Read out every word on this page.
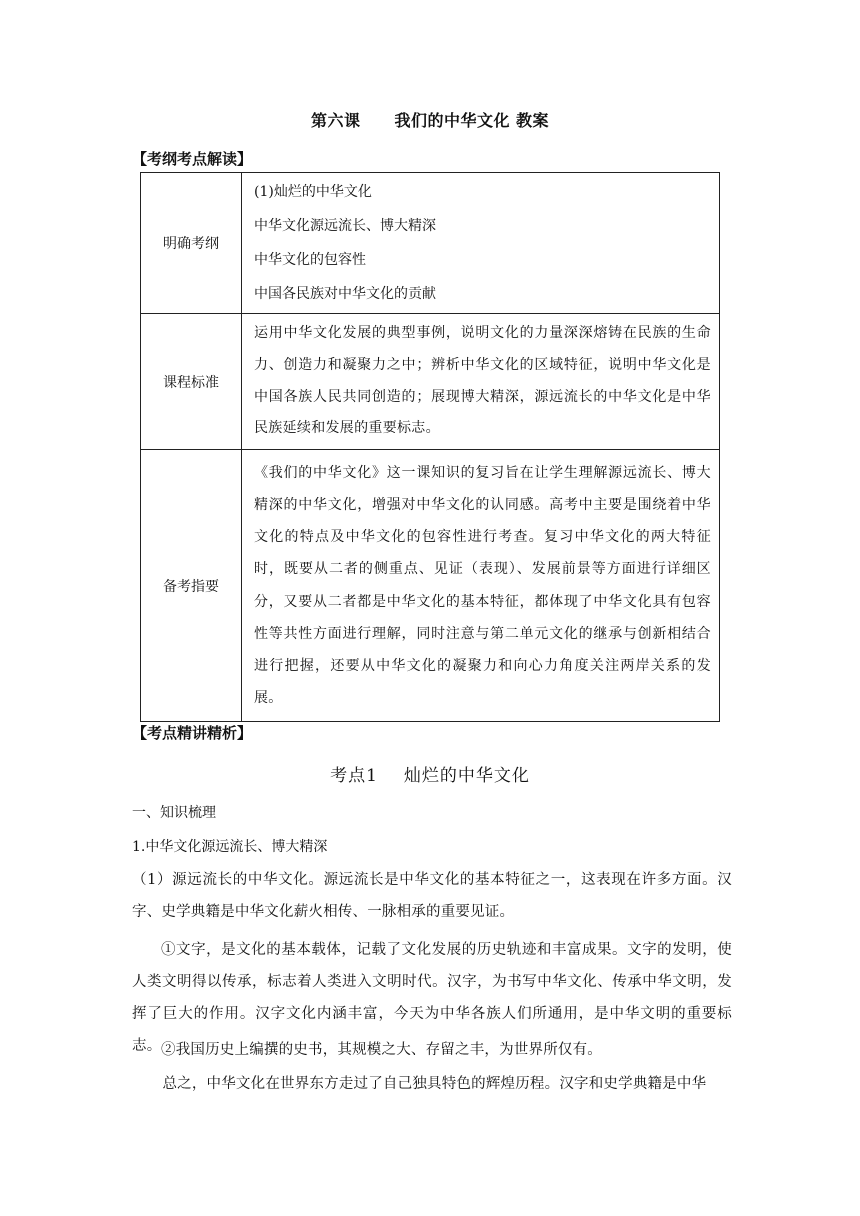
第六课 我们的中华文化 教案
【考纲考点解读】
明确考纲	(1)灿烂的中华文化
中华文化源远流长、博大精深
中华文化的包容性
中国各民族对中华文化的贡献

课程标准	运用中华文化发展的典型事例，说明文化的力量深深熔铸在民族的生命力、创造力和凝聚力之中；辨析中华文化的区域特征，说明中华文化是中国各族人民共同创造的；展现博大精深，源远流长的中华文化是中华民族延续和发展的重要标志。

备考指要	《我们的中华文化》这一课知识的复习旨在让学生理解源远流长、博大精深的中华文化，增强对中华文化的认同感。高考中主要是围绕着中华文化的特点及中华文化的包容性进行考查。复习中华文化的两大特征时，既要从二者的侧重点、见证（表现）、发展前景等方面进行详细区分，又要从二者都是中华文化的基本特征，都体现了中华文化具有包容性等共性方面进行理解，同时注意与第二单元文化的继承与创新相结合进行把握，还要从中华文化的凝聚力和向心力角度关注两岸关系的发展。
【考点精讲精析】
考点1 灿烂的中华文化
一、知识梳理
1.中华文化源远流长、博大精深
（1）源远流长的中华文化。源远流长是中华文化的基本特征之一，这表现在许多方面。汉字、史学典籍是中华文化薪火相传、一脉相承的重要见证。
①文字，是文化的基本载体，记载了文化发展的历史轨迹和丰富成果。文字的发明，使人类文明得以传承，标志着人类进入文明时代。汉字，为书写中华文化、传承中华文明，发挥了巨大的作用。汉字文化内涵丰富，今天为中华各族人们所通用，是中华文明的重要标志。 ②我国历史上编撰的史书，其规模之大、存留之丰，为世界所仅有。
总之，中华文化在世界东方走过了自己独具特色的辉煌历程。汉字和史学典籍是中华
